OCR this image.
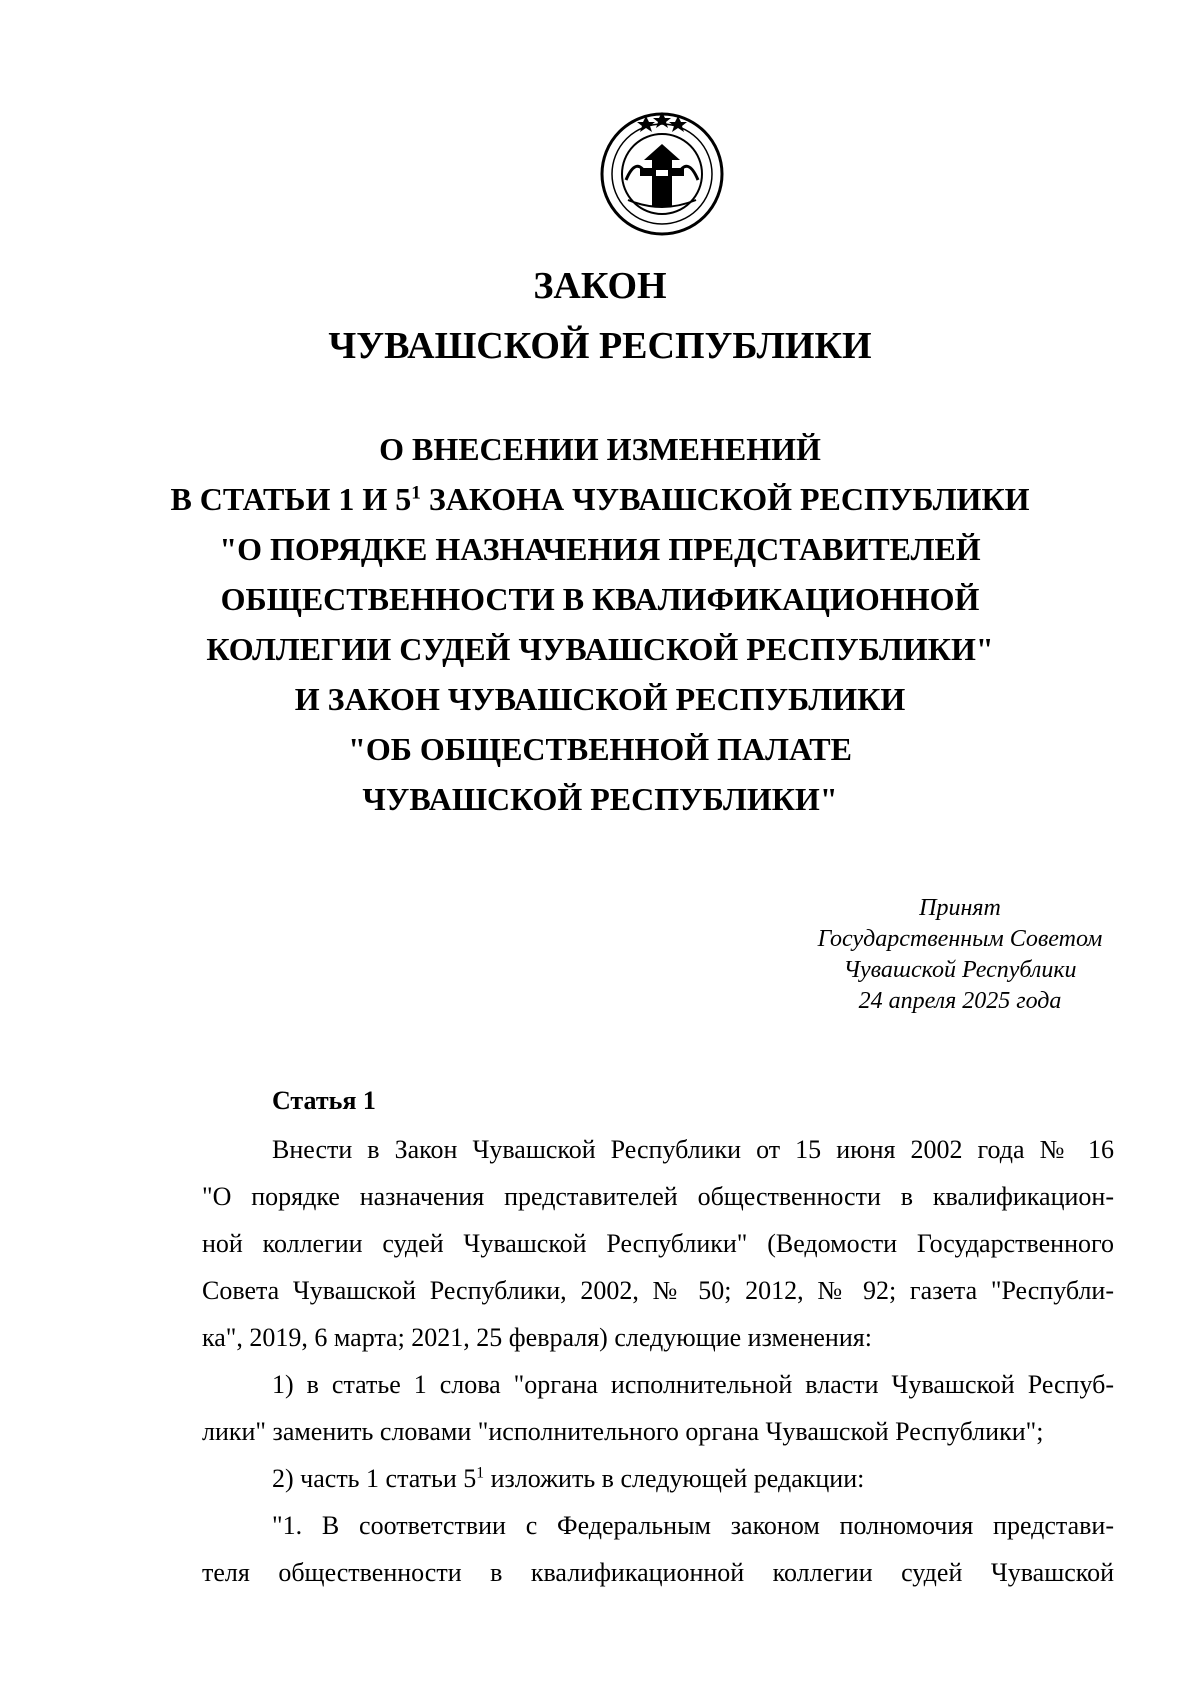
ЗАКОН
ЧУВАШСКОЙ РЕСПУБЛИКИ
О ВНЕСЕНИИ ИЗМЕНЕНИЙ
В СТАТЬИ 1 И $5^1$ ЗАКОНА ЧУВАШСКОЙ РЕСПУБЛИКИ
"О ПОРЯДКЕ НАЗНАЧЕНИЯ ПРЕДСТАВИТЕЛЕЙ
ОБЩЕСТВЕННОСТИ В КВАЛИФИКАЦИОННОЙ
КОЛЛЕГИИ СУДЕЙ ЧУВАШСКОЙ РЕСПУБЛИКИ"
И ЗАКОН ЧУВАШСКОЙ РЕСПУБЛИКИ
"ОБ ОБЩЕСТВЕННОЙ ПАЛАТЕ
ЧУВАШСКОЙ РЕСПУБЛИКИ"
Принят
Государственным Советом
Чувашской Республики
24 апреля 2025 года
Статья 1
Внести в Закон Чувашской Республики от 15 июня 2002 года № 16
"О порядке назначения представителей общественности в квалификацион-
ной коллегии судей Чувашской Республики" (Ведомости Государственного
Совета Чувашской Республики, 2002, № 50; 2012, № 92; газета "Республи-
ка", 2019, 6 марта; 2021, 25 февраля) следующие изменения:
1) в статье 1 слова "органа исполнительной власти Чувашской Респуб-
лики" заменить словами "исполнительного органа Чувашской Республики";
2) часть 1 статьи $5^1$ изложить в следующей редакции:
"1. В соответствии с Федеральным законом полномочия представи-
теля общественности в квалификационной коллегии судей Чувашской
